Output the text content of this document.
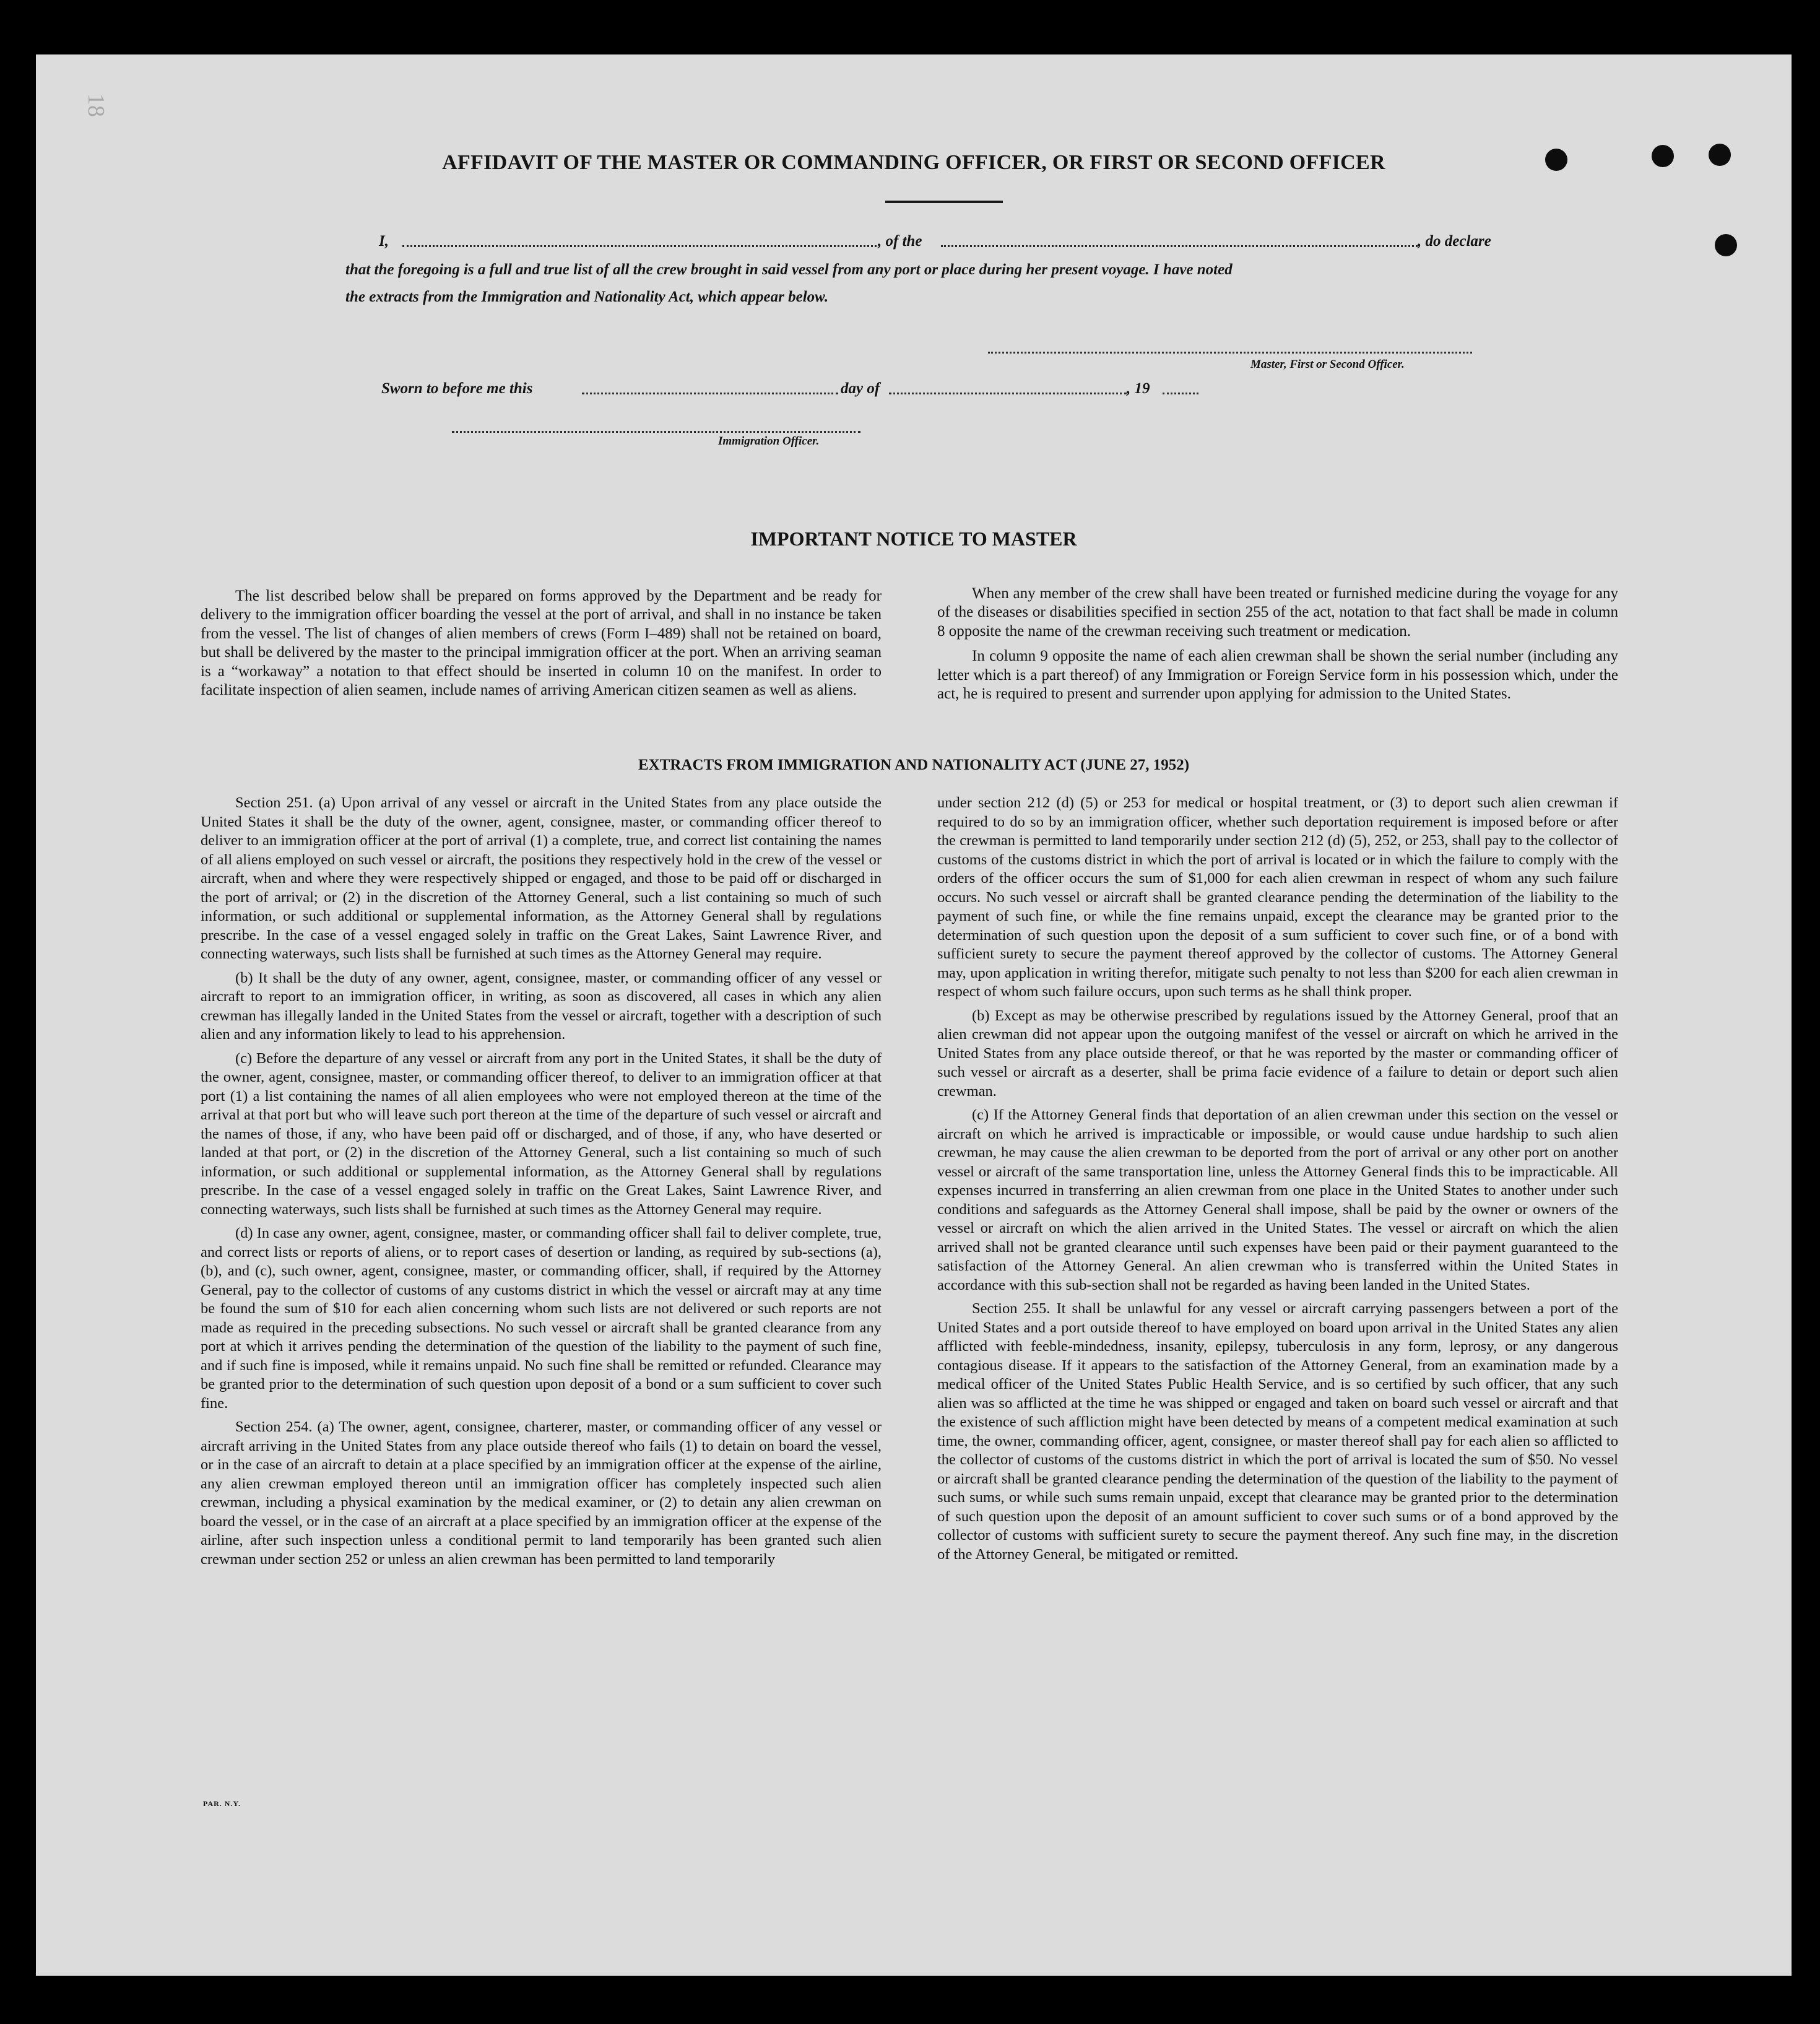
18
AFFIDAVIT OF THE MASTER OR COMMANDING OFFICER, OR FIRST OR SECOND OFFICER
I,	, of the	, do declare
that the foregoing is a full and true list of all the crew brought in said vessel from any port or place during her present voyage. I have noted
the extracts from the Immigration and Nationality Act, which appear below.
Master, First or Second Officer.
Sworn to before me this	day of	, 19
Immigration Officer.
IMPORTANT NOTICE TO MASTER

The list described below shall be prepared on forms approved by the Department and be ready for delivery to the immigration officer boarding the vessel at the port of arrival, and shall in no instance be taken from the vessel. The list of changes of alien members of crews (Form I–489) shall not be retained on board, but shall be delivered by the master to the principal immigration officer at the port. When an arriving seaman is a “workaway” a notation to that effect should be inserted in column 10 on the manifest. In order to facilitate inspection of alien seamen, include names of arriving American citizen seamen as well as aliens.

When any member of the crew shall have been treated or furnished medicine during the voyage for any of the diseases or disabilities specified in section 255 of the act, notation to that fact shall be made in column 8 opposite the name of the crewman receiving such treatment or medication.

In column 9 opposite the name of each alien crewman shall be shown the serial number (including any letter which is a part thereof) of any Immigration or Foreign Service form in his possession which, under the act, he is required to present and surrender upon applying for admission to the United States.

EXTRACTS FROM IMMIGRATION AND NATIONALITY ACT (JUNE 27, 1952)

Section 251. (a) Upon arrival of any vessel or aircraft in the United States from any place outside the United States it shall be the duty of the owner, agent, consignee, master, or commanding officer thereof to deliver to an immigration officer at the port of arrival (1) a complete, true, and correct list containing the names of all aliens employed on such vessel or aircraft, the positions they respectively hold in the crew of the vessel or aircraft, when and where they were respectively shipped or engaged, and those to be paid off or discharged in the port of arrival; or (2) in the discretion of the Attorney General, such a list containing so much of such information, or such additional or supplemental information, as the Attorney General shall by regulations prescribe. In the case of a vessel engaged solely in traffic on the Great Lakes, Saint Lawrence River, and connecting waterways, such lists shall be furnished at such times as the Attorney General may require.

(b) It shall be the duty of any owner, agent, consignee, master, or commanding officer of any vessel or aircraft to report to an immigration officer, in writing, as soon as discovered, all cases in which any alien crewman has illegally landed in the United States from the vessel or aircraft, together with a description of such alien and any information likely to lead to his apprehension.

(c) Before the departure of any vessel or aircraft from any port in the United States, it shall be the duty of the owner, agent, consignee, master, or commanding officer thereof, to deliver to an immigration officer at that port (1) a list containing the names of all alien employees who were not employed thereon at the time of the arrival at that port but who will leave such port thereon at the time of the departure of such vessel or aircraft and the names of those, if any, who have been paid off or discharged, and of those, if any, who have deserted or landed at that port, or (2) in the discretion of the Attorney General, such a list containing so much of such information, or such additional or supplemental information, as the Attorney General shall by regulations prescribe. In the case of a vessel engaged solely in traffic on the Great Lakes, Saint Lawrence River, and connecting waterways, such lists shall be furnished at such times as the Attorney General may require.

(d) In case any owner, agent, consignee, master, or commanding officer shall fail to deliver complete, true, and correct lists or reports of aliens, or to report cases of desertion or landing, as required by sub-sections (a), (b), and (c), such owner, agent, consignee, master, or commanding officer, shall, if required by the Attorney General, pay to the collector of customs of any customs district in which the vessel or aircraft may at any time be found the sum of $10 for each alien concerning whom such lists are not delivered or such reports are not made as required in the preceding subsections. No such vessel or aircraft shall be granted clearance from any port at which it arrives pending the determination of the question of the liability to the payment of such fine, and if such fine is imposed, while it remains unpaid. No such fine shall be remitted or refunded. Clearance may be granted prior to the determination of such question upon deposit of a bond or a sum sufficient to cover such fine.

Section 254. (a) The owner, agent, consignee, charterer, master, or commanding officer of any vessel or aircraft arriving in the United States from any place outside thereof who fails (1) to detain on board the vessel, or in the case of an aircraft to detain at a place specified by an immigration officer at the expense of the airline, any alien crewman employed thereon until an immigration officer has completely inspected such alien crewman, including a physical examination by the medical examiner, or (2) to detain any alien crewman on board the vessel, or in the case of an aircraft at a place specified by an immigration officer at the expense of the airline, after such inspection unless a conditional permit to land temporarily has been granted such alien crewman under section 252 or unless an alien crewman has been permitted to land temporarily

under section 212 (d) (5) or 253 for medical or hospital treatment, or (3) to deport such alien crewman if required to do so by an immigration officer, whether such deportation requirement is imposed before or after the crewman is permitted to land temporarily under section 212 (d) (5), 252, or 253, shall pay to the collector of customs of the customs district in which the port of arrival is located or in which the failure to comply with the orders of the officer occurs the sum of $1,000 for each alien crewman in respect of whom any such failure occurs. No such vessel or aircraft shall be granted clearance pending the determination of the liability to the payment of such fine, or while the fine remains unpaid, except the clearance may be granted prior to the determination of such question upon the deposit of a sum sufficient to cover such fine, or of a bond with sufficient surety to secure the payment thereof approved by the collector of customs. The Attorney General may, upon application in writing therefor, mitigate such penalty to not less than $200 for each alien crewman in respect of whom such failure occurs, upon such terms as he shall think proper.

(b) Except as may be otherwise prescribed by regulations issued by the Attorney General, proof that an alien crewman did not appear upon the outgoing manifest of the vessel or aircraft on which he arrived in the United States from any place outside thereof, or that he was reported by the master or commanding officer of such vessel or aircraft as a deserter, shall be prima facie evidence of a failure to detain or deport such alien crewman.

(c) If the Attorney General finds that deportation of an alien crewman under this section on the vessel or aircraft on which he arrived is impracticable or impossible, or would cause undue hardship to such alien crewman, he may cause the alien crewman to be deported from the port of arrival or any other port on another vessel or aircraft of the same transportation line, unless the Attorney General finds this to be impracticable. All expenses incurred in transferring an alien crewman from one place in the United States to another under such conditions and safeguards as the Attorney General shall impose, shall be paid by the owner or owners of the vessel or aircraft on which the alien arrived in the United States. The vessel or aircraft on which the alien arrived shall not be granted clearance until such expenses have been paid or their payment guaranteed to the satisfaction of the Attorney General. An alien crewman who is transferred within the United States in accordance with this sub-section shall not be regarded as having been landed in the United States.

Section 255. It shall be unlawful for any vessel or aircraft carrying passengers between a port of the United States and a port outside thereof to have employed on board upon arrival in the United States any alien afflicted with feeble-mindedness, insanity, epilepsy, tuberculosis in any form, leprosy, or any dangerous contagious disease. If it appears to the satisfaction of the Attorney General, from an examination made by a medical officer of the United States Public Health Service, and is so certified by such officer, that any such alien was so afflicted at the time he was shipped or engaged and taken on board such vessel or aircraft and that the existence of such affliction might have been detected by means of a competent medical examination at such time, the owner, commanding officer, agent, consignee, or master thereof shall pay for each alien so afflicted to the collector of customs of the customs district in which the port of arrival is located the sum of $50. No vessel or aircraft shall be granted clearance pending the determination of the question of the liability to the payment of such sums, or while such sums remain unpaid, except that clearance may be granted prior to the determination of such question upon the deposit of an amount sufficient to cover such sums or of a bond approved by the collector of customs with sufficient surety to secure the payment thereof. Any such fine may, in the discretion of the Attorney General, be mitigated or remitted.

PAR. N.Y.
